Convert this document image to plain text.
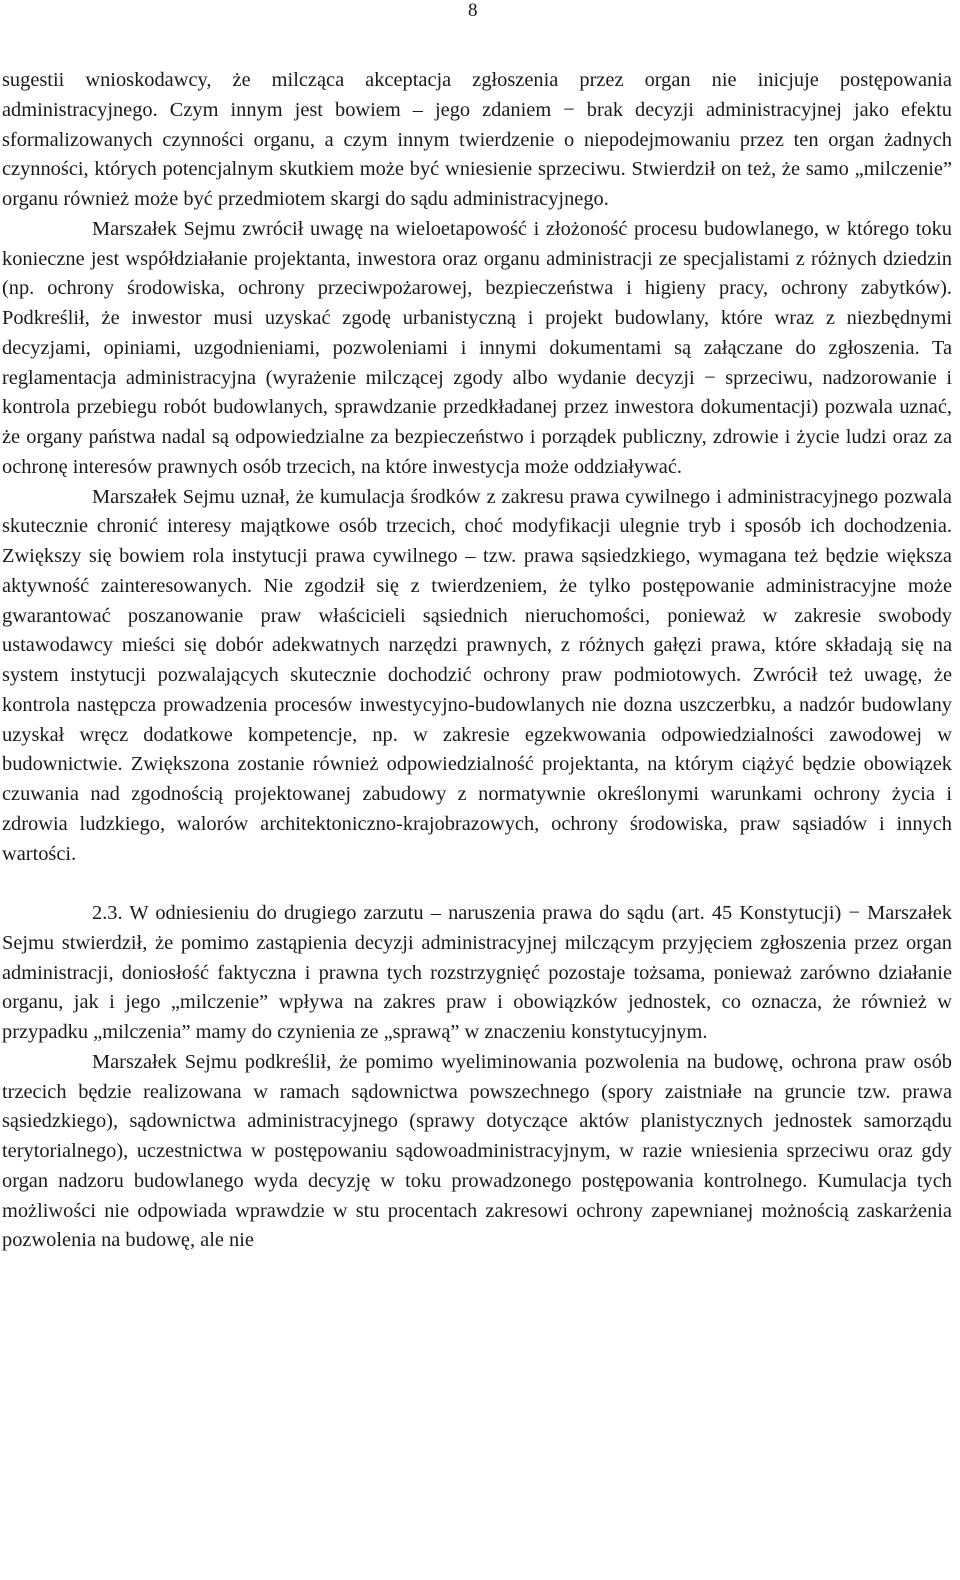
8

sugestii wnioskodawcy, że milcząca akceptacja zgłoszenia przez organ nie inicjuje postępowania administracyjnego. Czym innym jest bowiem – jego zdaniem − brak decyzji administracyjnej jako efektu sformalizowanych czynności organu, a czym innym twierdzenie o niepodejmowaniu przez ten organ żadnych czynności, których potencjalnym skutkiem może być wniesienie sprzeciwu. Stwierdził on też, że samo „milczenie” organu również może być przedmiotem skargi do sądu administracyjnego.

Marszałek Sejmu zwrócił uwagę na wieloetapowość i złożoność procesu budowlanego, w którego toku konieczne jest współdziałanie projektanta, inwestora oraz organu administracji ze specjalistami z różnych dziedzin (np. ochrony środowiska, ochrony przeciwpożarowej, bezpieczeństwa i higieny pracy, ochrony zabytków). Podkreślił, że inwestor musi uzyskać zgodę urbanistyczną i projekt budowlany, które wraz z niezbędnymi decyzjami, opiniami, uzgodnieniami, pozwoleniami i innymi dokumentami są załączane do zgłoszenia. Ta reglamentacja administracyjna (wyrażenie milczącej zgody albo wydanie decyzji − sprzeciwu, nadzorowanie i kontrola przebiegu robót budowlanych, sprawdzanie przedkładanej przez inwestora dokumentacji) pozwala uznać, że organy państwa nadal są odpowiedzialne za bezpieczeństwo i porządek publiczny, zdrowie i życie ludzi oraz za ochronę interesów prawnych osób trzecich, na które inwestycja może oddziaływać.

Marszałek Sejmu uznał, że kumulacja środków z zakresu prawa cywilnego i administracyjnego pozwala skutecznie chronić interesy majątkowe osób trzecich, choć modyfikacji ulegnie tryb i sposób ich dochodzenia. Zwiększy się bowiem rola instytucji prawa cywilnego – tzw. prawa sąsiedzkiego, wymagana też będzie większa aktywność zainteresowanych. Nie zgodził się z twierdzeniem, że tylko postępowanie administracyjne może gwarantować poszanowanie praw właścicieli sąsiednich nieruchomości, ponieważ w zakresie swobody ustawodawcy mieści się dobór adekwatnych narzędzi prawnych, z różnych gałęzi prawa, które składają się na system instytucji pozwalających skutecznie dochodzić ochrony praw podmiotowych. Zwrócił też uwagę, że kontrola następcza prowadzenia procesów inwestycyjno-budowlanych nie dozna uszczerbku, a nadzór budowlany uzyskał wręcz dodatkowe kompetencje, np. w zakresie egzekwowania odpowiedzialności zawodowej w budownictwie. Zwiększona zostanie również odpowiedzialność projektanta, na którym ciążyć będzie obowiązek czuwania nad zgodnością projektowanej zabudowy z normatywnie określonymi warunkami ochrony życia i zdrowia ludzkiego, walorów architektoniczno-krajobrazowych, ochrony środowiska, praw sąsiadów i innych wartości.

2.3. W odniesieniu do drugiego zarzutu – naruszenia prawa do sądu (art. 45 Konstytucji) − Marszałek Sejmu stwierdził, że pomimo zastąpienia decyzji administracyjnej milczącym przyjęciem zgłoszenia przez organ administracji, doniosłość faktyczna i prawna tych rozstrzygnięć pozostaje tożsama, ponieważ zarówno działanie organu, jak i jego „milczenie” wpływa na zakres praw i obowiązków jednostek, co oznacza, że również w przypadku „milczenia” mamy do czynienia ze „sprawą” w znaczeniu konstytucyjnym.

Marszałek Sejmu podkreślił, że pomimo wyeliminowania pozwolenia na budowę, ochrona praw osób trzecich będzie realizowana w ramach sądownictwa powszechnego (spory zaistniałe na gruncie tzw. prawa sąsiedzkiego), sądownictwa administracyjnego (sprawy dotyczące aktów planistycznych jednostek samorządu terytorialnego), uczestnictwa w postępowaniu sądowoadministracyjnym, w razie wniesienia sprzeciwu oraz gdy organ nadzoru budowlanego wyda decyzję w toku prowadzonego postępowania kontrolnego. Kumulacja tych możliwości nie odpowiada wprawdzie w stu procentach zakresowi ochrony zapewnianej możnością zaskarżenia pozwolenia na budowę, ale nie
